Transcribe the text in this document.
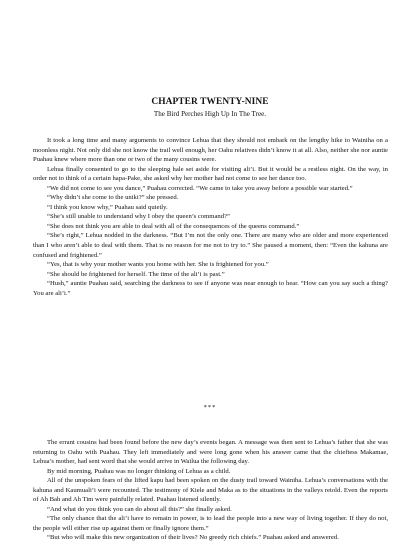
CHAPTER TWENTY-NINE
The Bird Perches High Up In The Tree.

It took a long time and many arguments to convince Lehua that they should not embark on the lengthy hike to Wainiha on a moonless night. Not only did she not know the trail well enough, her Oahu relatives didn’t know it at all. Also, neither she nor auntie Puahau knew where more than one or two of the many cousins were.

Lehua finally consented to go to the sleeping hale set aside for visiting ali’i. But it would be a restless night. On the way, in order not to think of a certain hapa-Pake, she asked why her mother had not come to see her dance too.

“We did not come to see you dance,” Puahau corrected. “We came to take you away before a possible war started.”

“Why didn’t she come to the uniki?” she pressed.

“I think you know why,” Puahau said quietly.

“She’s still unable to understand why I obey the queen’s command?”

“She does not think you are able to deal with all of the consequences of the queens command.”

“She’s right,” Lehua nodded in the darkness. “But I’m not the only one. There are many who are older and more experienced than I who aren’t able to deal with them. That is no reason for me not to try to.” She paused a moment, then: “Even the kahuna are confused and frightened.”

“Yes, that is why your mother wants you home with her. She is frightened for you.”

“She should be frightened for herself. The time of the ali’i is past.”

“Hush,” auntie Puahau said, searching the darkness to see if anyone was near enough to hear. “How can you say such a thing? You are ali’i.”

***

The errant cousins had been found before the new day’s events began. A message was then sent to Lehua’s father that she was returning to Oahu with Puahau. They left immediately and were long gone when his answer came that the chieftess Makamae, Lehua’s mother, had sent word that she would arrive in Wailua the following day.

By mid morning, Puahau was no longer thinking of Lehua as a child.

All of the unspoken fears of the lifted kapu had been spoken on the dusty trail toward Wainiha. Lehua’s conversations with the kahuna and Kaumuali’i were recounted. The testimony of Kiele and Maka as to the situations in the valleys retold. Even the reports of Ah Bah and Ah Tim were painfully related. Puahau listened silently.

“And what do you think you can do about all this?” she finally asked.

“The only chance that the ali’i have to remain in power, is to lead the people into a new way of living together. If they do not, the people will either rise up against them or finally ignore them.”

“But who will make this new organization of their lives? No greedy rich chiefs.” Puahau asked and answered.
